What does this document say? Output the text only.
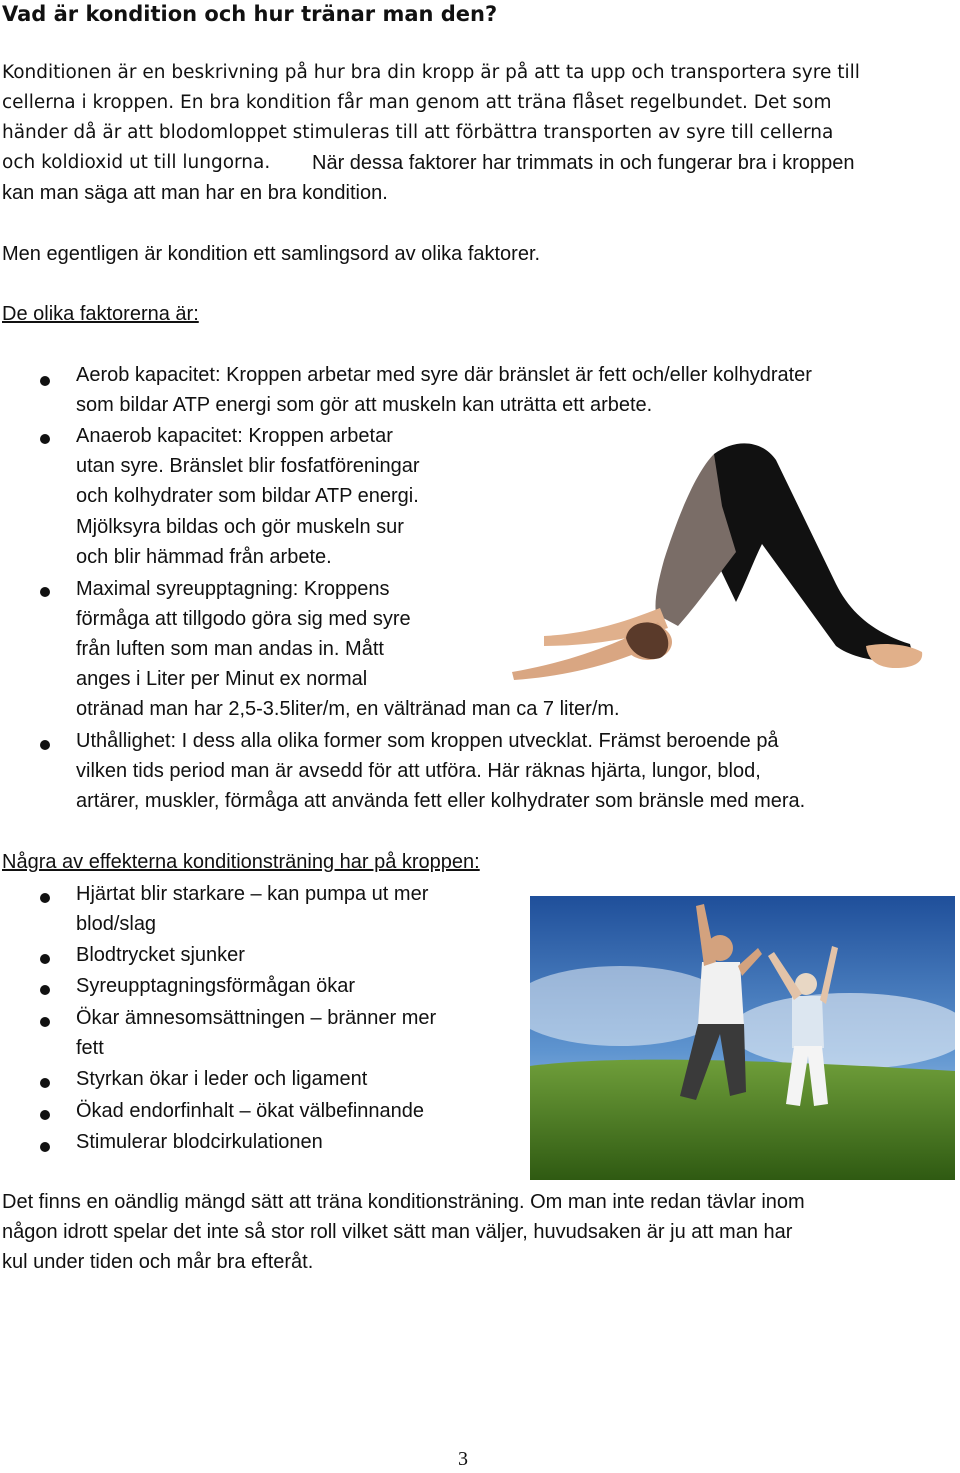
Vad är kondition och hur tränar man den?
Konditionen är en beskrivning på hur bra din kropp är på att ta upp och transportera syre till
cellerna i kroppen. En bra kondition får man genom att träna flåset regelbundet. Det som
händer då är att blodomloppet stimuleras till att förbättra transporten av syre till cellerna
och koldioxid ut till lungorna. När dessa faktorer har trimmats in och fungerar bra i kroppen
kan man säga att man har en bra kondition.
Men egentligen är kondition ett samlingsord av olika faktorer.
De olika faktorerna är:
Aerob kapacitet: Kroppen arbetar med syre där bränslet är fett och/eller kolhydrater
som bildar ATP energi som gör att muskeln kan uträtta ett arbete.
Anaerob kapacitet: Kroppen arbetar
utan syre. Bränslet blir fosfatföreningar
och kolhydrater som bildar ATP energi.
Mjölksyra bildas och gör muskeln sur
och blir hämmad från arbete.
Maximal syreupptagning: Kroppens
förmåga att tillgodo göra sig med syre
från luften som man andas in. Mått
anges i Liter per Minut ex normal
otränad man har 2,5-3.5liter/m, en vältränad man ca 7 liter/m.
Uthållighet: I dess alla olika former som kroppen utvecklat. Främst beroende på
vilken tids period man är avsedd för att utföra. Här räknas hjärta, lungor, blod,
artärer, muskler, förmåga att använda fett eller kolhydrater som bränsle med mera.
Några av effekterna konditionsträning har på kroppen:
Hjärtat blir starkare – kan pumpa ut mer
blod/slag
Blodtrycket sjunker
Syreupptagningsförmågan ökar
Ökar ämnesomsättningen – bränner mer
fett
Styrkan ökar i leder och ligament
Ökad endorfinhalt – ökat välbefinnande
Stimulerar blodcirkulationen
Det finns en oändlig mängd sätt att träna konditionsträning. Om man inte redan tävlar inom
någon idrott spelar det inte så stor roll vilket sätt man väljer, huvudsaken är ju att man har
kul under tiden och mår bra efteråt.
3
